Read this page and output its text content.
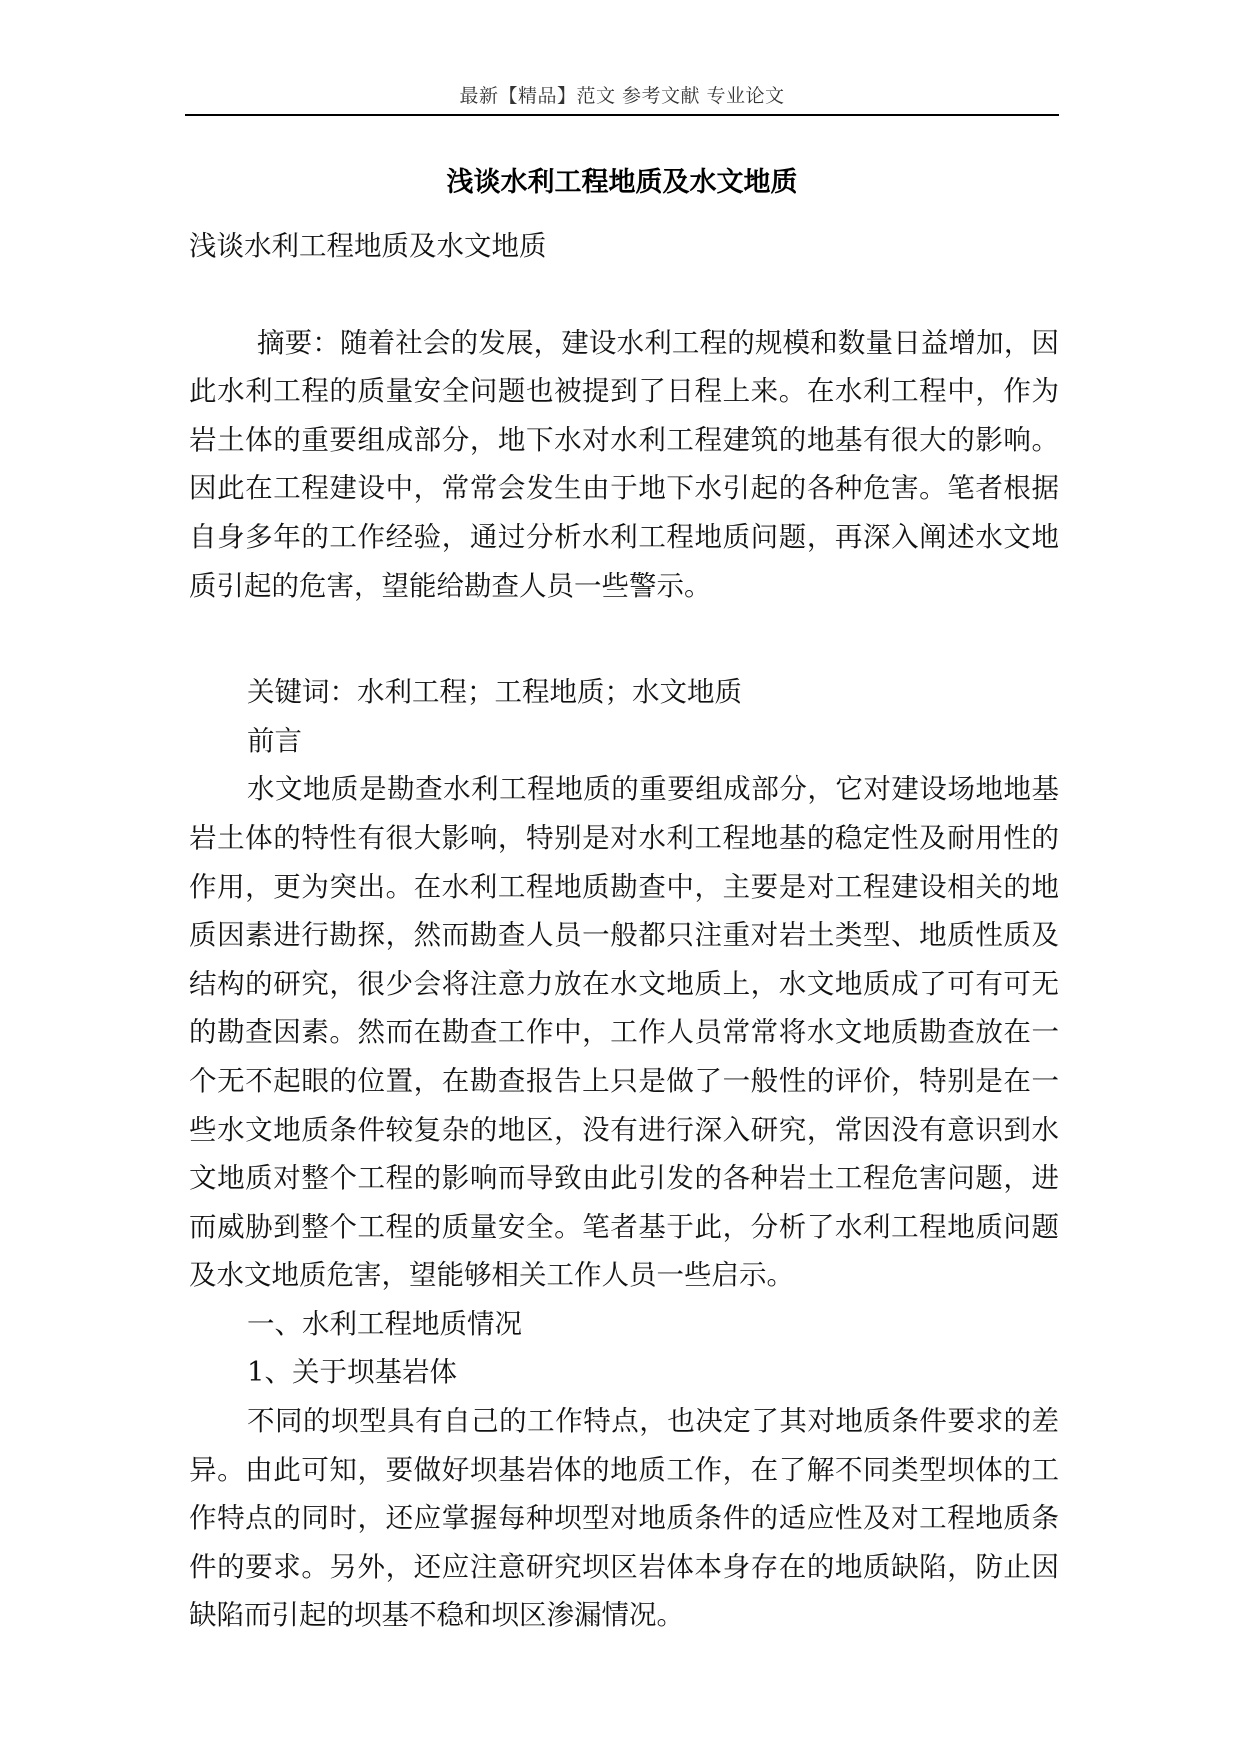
最新【精品】范文 参考文献 专业论文
浅谈水利工程地质及水文地质

浅谈水利工程地质及水文地质

摘要：随着社会的发展，建设水利工程的规模和数量日益增加，因此水利工程的质量安全问题也被提到了日程上来。在水利工程中，作为岩土体的重要组成部分，地下水对水利工程建筑的地基有很大的影响。因此在工程建设中，常常会发生由于地下水引起的各种危害。笔者根据自身多年的工作经验，通过分析水利工程地质问题，再深入阐述水文地质引起的危害，望能给勘查人员一些警示。

关键词：水利工程；工程地质；水文地质

前言

水文地质是勘查水利工程地质的重要组成部分，它对建设场地地基岩土体的特性有很大影响，特别是对水利工程地基的稳定性及耐用性的作用，更为突出。在水利工程地质勘查中，主要是对工程建设相关的地质因素进行勘探，然而勘查人员一般都只注重对岩土类型、地质性质及结构的研究，很少会将注意力放在水文地质上，水文地质成了可有可无的勘查因素。然而在勘查工作中，工作人员常常将水文地质勘查放在一个无不起眼的位置，在勘查报告上只是做了一般性的评价，特别是在一些水文地质条件较复杂的地区，没有进行深入研究，常因没有意识到水文地质对整个工程的影响而导致由此引发的各种岩土工程危害问题，进而威胁到整个工程的质量安全。笔者基于此，分析了水利工程地质问题及水文地质危害，望能够相关工作人员一些启示。

一、水利工程地质情况

1、关于坝基岩体

不同的坝型具有自己的工作特点，也决定了其对地质条件要求的差异。由此可知，要做好坝基岩体的地质工作，在了解不同类型坝体的工作特点的同时，还应掌握每种坝型对地质条件的适应性及对工程地质条件的要求。另外，还应注意研究坝区岩体本身存在的地质缺陷，防止因缺陷而引起的坝基不稳和坝区渗漏情况。
